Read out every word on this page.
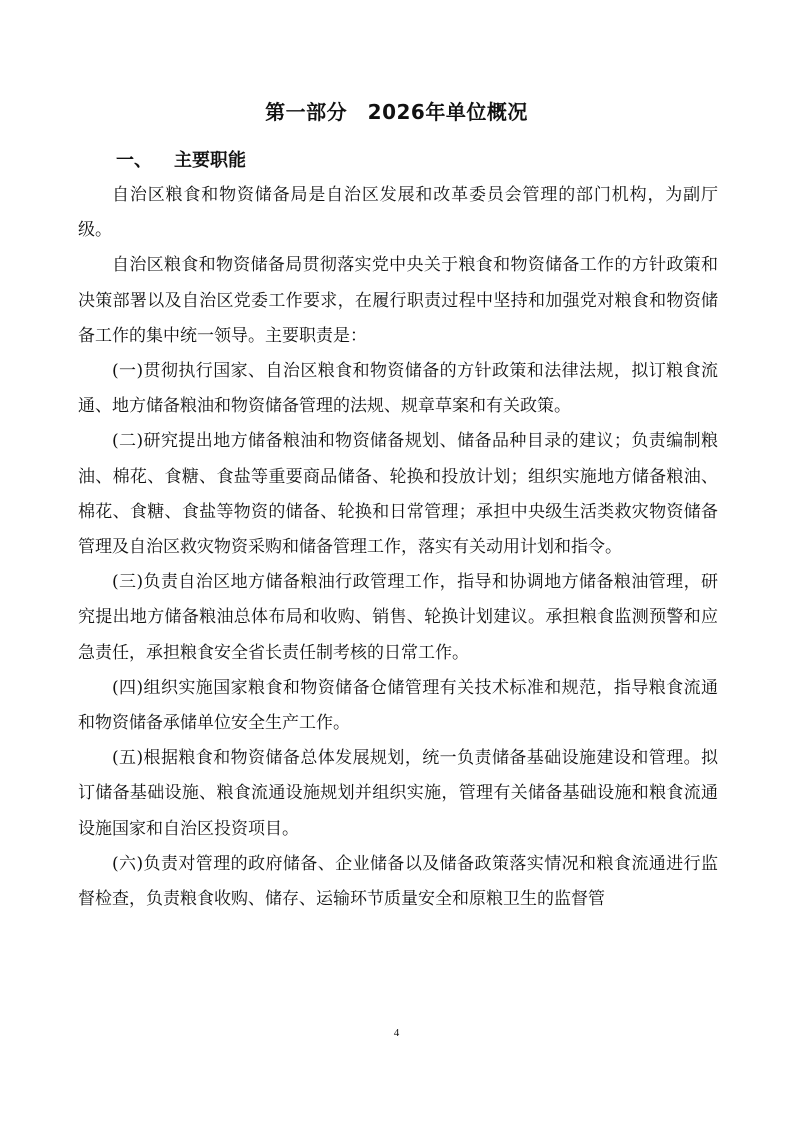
第一部分　2026年单位概况
一、 主要职能

自治区粮食和物资储备局是自治区发展和改革委员会管理的部门机构，为副厅级。

自治区粮食和物资储备局贯彻落实党中央关于粮食和物资储备工作的方针政策和决策部署以及自治区党委工作要求，在履行职责过程中坚持和加强党对粮食和物资储备工作的集中统一领导。主要职责是：

(一)贯彻执行国家、自治区粮食和物资储备的方针政策和法律法规，拟订粮食流通、地方储备粮油和物资储备管理的法规、规章草案和有关政策。

(二)研究提出地方储备粮油和物资储备规划、储备品种目录的建议；负责编制粮油、棉花、食糖、食盐等重要商品储备、轮换和投放计划；组织实施地方储备粮油、棉花、食糖、食盐等物资的储备、轮换和日常管理；承担中央级生活类救灾物资储备管理及自治区救灾物资采购和储备管理工作，落实有关动用计划和指令。

(三)负责自治区地方储备粮油行政管理工作，指导和协调地方储备粮油管理，研究提出地方储备粮油总体布局和收购、销售、轮换计划建议。承担粮食监测预警和应急责任，承担粮食安全省长责任制考核的日常工作。

(四)组织实施国家粮食和物资储备仓储管理有关技术标准和规范，指导粮食流通和物资储备承储单位安全生产工作。

(五)根据粮食和物资储备总体发展规划，统一负责储备基础设施建设和管理。拟订储备基础设施、粮食流通设施规划并组织实施，管理有关储备基础设施和粮食流通设施国家和自治区投资项目。

(六)负责对管理的政府储备、企业储备以及储备政策落实情况和粮食流通进行监督检查，负责粮食收购、储存、运输环节质量安全和原粮卫生的监督管

4
